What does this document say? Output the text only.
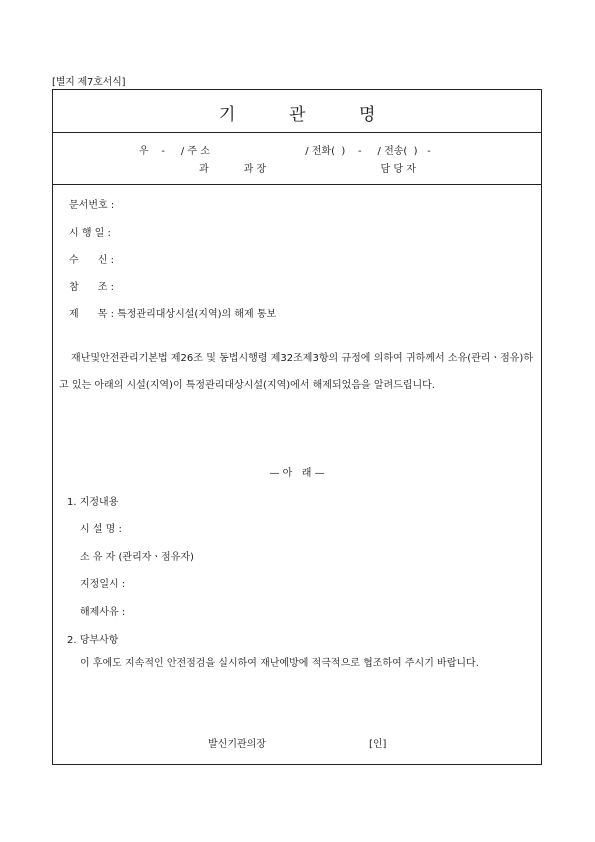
[별지 제7호서식]
기	관	명
우    -     / 주 소                              / 전화(  )    -     / 전송(  )   -
과           과 장                                    담 당 자
문서번호 :
시 행 일 :
수      신 :
참      조 :
제      목 : 특정관리대상시설(지역)의 해제 통보
재난및안전관리기본법 제26조 및 동법시행령 제32조제3항의 규정에 의하여 귀하께서 소유(관리ㆍ점유)하고 있는 아래의 시설(지역)이 특정관리대상시설(지역)에서 해제되었음을 알려드립니다.
— 아   래 —
1. 지정내용
시 설 명 :
소 유 자 (관리자ㆍ점유자)
지정일시 :
해제사유 :
2. 당부사항
이 후에도 지속적인 안전점검을 실시하여 재난예방에 적극적으로 협조하여 주시기 바랍니다.
발신기관의장	[인]
